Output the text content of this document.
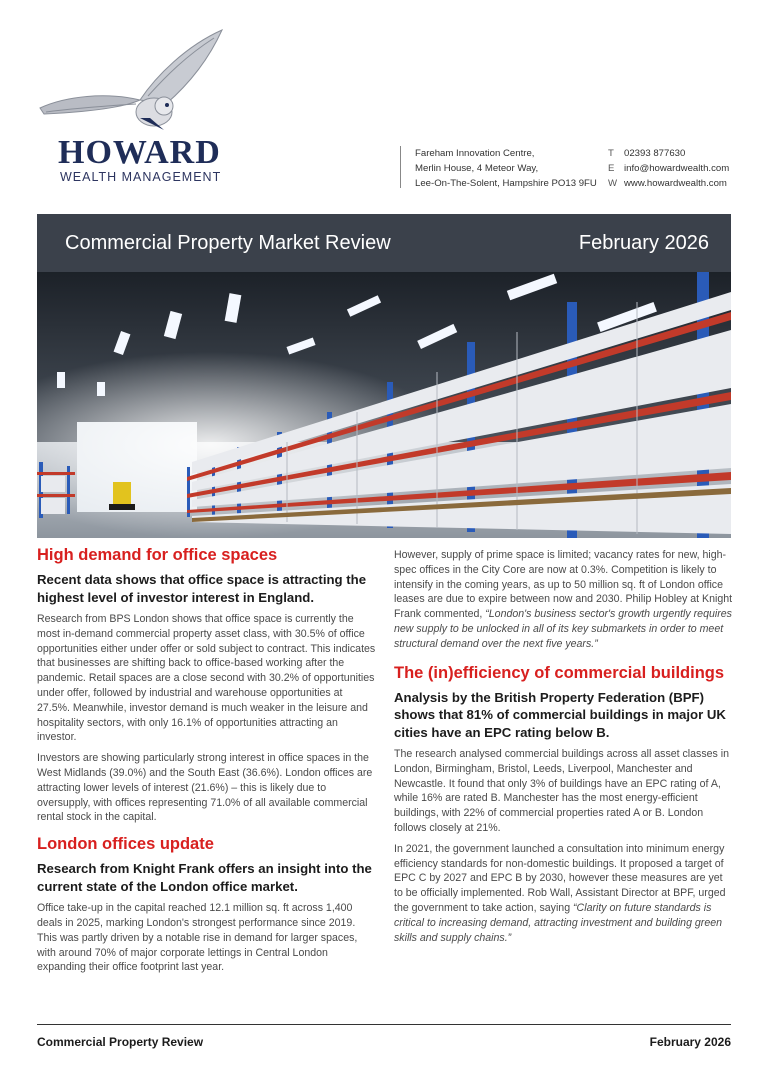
HOWARD
WEALTH MANAGEMENT
Fareham Innovation Centre,
Merlin House, 4 Meteor Way,
Lee-On-The-Solent, Hampshire PO13 9FU
T	02393 877630
E info@howardwealth.com
W www.howardwealth.com
Commercial Property Market Review	February 2026
High demand for office spaces
Recent data shows that office space is attracting the highest level of investor interest in England.

Research from BPS London shows that office space is currently the most in-demand commercial property asset class, with 30.5% of office opportunities either under offer or sold subject to contract. This indicates that businesses are shifting back to office-based working after the pandemic. Retail spaces are a close second with 30.2% of opportunities under offer, followed by industrial and warehouse opportunities at 27.5%. Meanwhile, investor demand is much weaker in the leisure and hospitality sectors, with only 16.1% of opportunities attracting an investor.

Investors are showing particularly strong interest in office spaces in the West Midlands (39.0%) and the South East (36.6%). London offices are attracting lower levels of interest (21.6%) – this is likely due to oversupply, with offices representing 71.0% of all available commercial rental stock in the capital.

London offices update
Research from Knight Frank offers an insight into the current state of the London office market.

Office take-up in the capital reached 12.1 million sq. ft across 1,400 deals in 2025, marking London's strongest performance since 2019. This was partly driven by a notable rise in demand for larger spaces, with around 70% of major corporate lettings in Central London expanding their office footprint last year.

However, supply of prime space is limited; vacancy rates for new, high-spec offices in the City Core are now at 0.3%. Competition is likely to intensify in the coming years, as up to 50 million sq. ft of London office leases are due to expire between now and 2030. Philip Hobley at Knight Frank commented, “London's business sector's growth urgently requires new supply to be unlocked in all of its key submarkets in order to meet structural demand over the next five years.”

The (in)efficiency of commercial buildings
Analysis by the British Property Federation (BPF) shows that 81% of commercial buildings in major UK cities have an EPC rating below B.

The research analysed commercial buildings across all asset classes in London, Birmingham, Bristol, Leeds, Liverpool, Manchester and Newcastle. It found that only 3% of buildings have an EPC rating of A, while 16% are rated B. Manchester has the most energy-efficient buildings, with 22% of commercial properties rated A or B. London follows closely at 21%.

In 2021, the government launched a consultation into minimum energy efficiency standards for non-domestic buildings. It proposed a target of EPC C by 2027 and EPC B by 2030, however these measures are yet to be officially implemented. Rob Wall, Assistant Director at BPF, urged the government to take action, saying “Clarity on future standards is critical to increasing demand, attracting investment and building green skills and supply chains.”

Commercial Property Review	February 2026
